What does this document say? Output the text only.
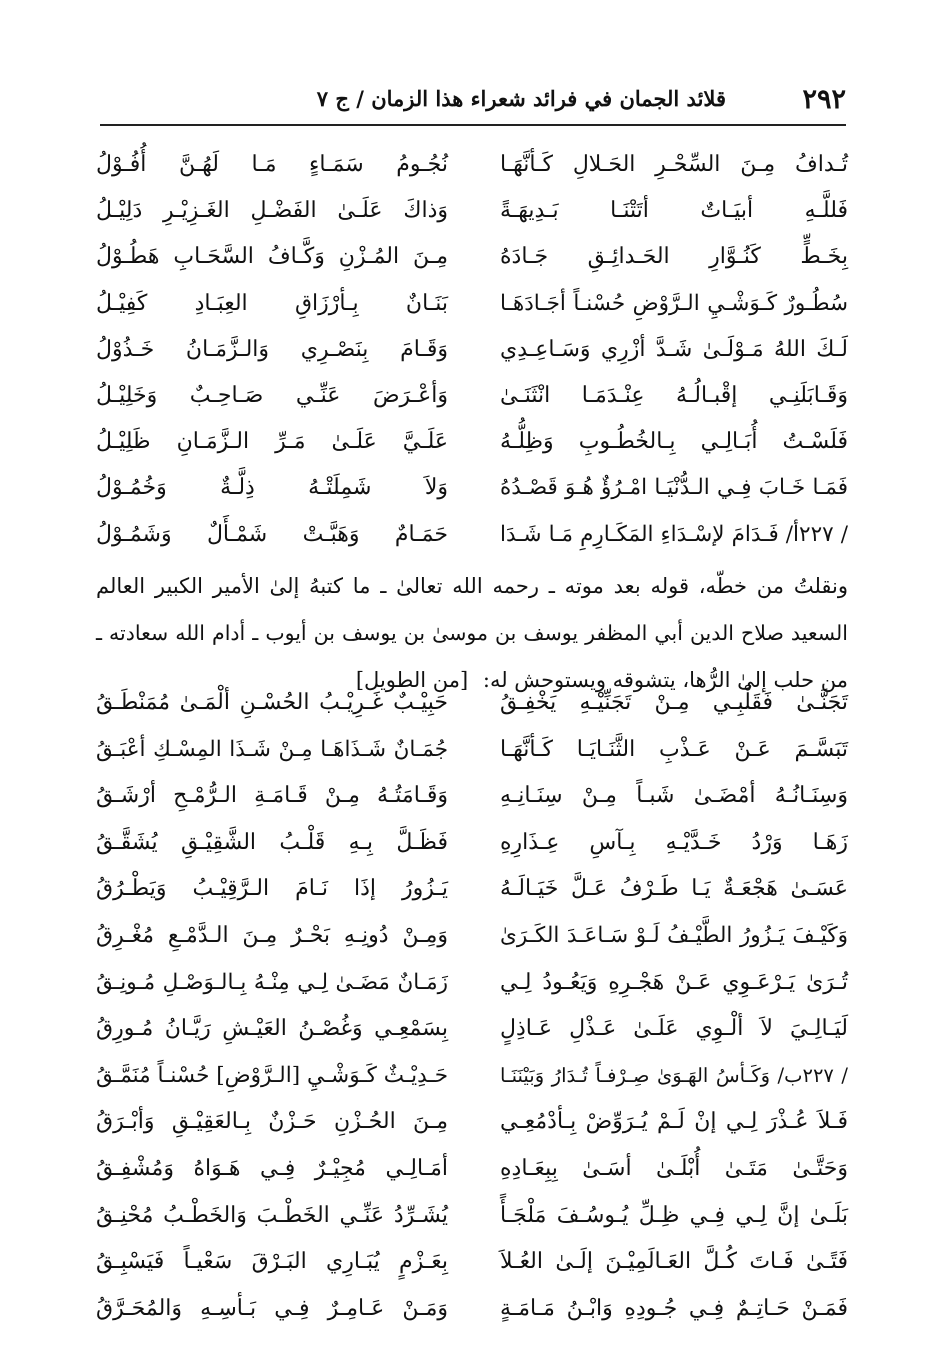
٢٩٢
قلائد الجمان في فرائد شعراء هذا الزمان / ج ٧
تُـدافُ مِـنَ السِّحْـرِ الحَـلالِ كَـأنَّهَـا
نُجُـومُ سَمَـاءٍ مَـا لَهُـنَّ أُفُـوْلُ
فَللَّـهِ أبيَـاتٌ أتَتْنَـا بَـدِيهَـةً
وَذاكَ عَلَـىٰ الفَضْـلِ الغَـزِيْـرِ دَلِيْـلُ
بِخَـطٍّ كَنُـوَّارِ الحَـدائِـقِ جَـادَهُ
مِـنَ المُـزْنِ وَكَّـافُ السَّحَـابِ هَطُـوْلُ
سُطُـورٌ كَـوَشْـيِ الـرَّوْضِ حُسْنـاً أجَـادَهَـا
بَنَـانٌ بِـأرْزَاقِ العِبَـادِ كَفِيْـلُ
لَـكَ اللهُ مَـوْلَـىٰ شَـدَّ أزْرِي وَسَـاعِـدِي
وَقَـامَ بِنَصْـرِي وَالـزَّمَـانُ خَـذُوْلُ
وَقَـابَلَنِـي إقْبـالُـهُ عِنْـدَمَـا انْثَنَـىٰ
وَأعْـرَضَ عَنِّـي صَـاحِـبٌ وَخَلِيْـلُ
فَلَسْـتُ أُبَـالِـي بِـالخُطُـوبِ وَظِلُّـهُ
عَلَـيَّ عَلَـىٰ مَـرِّ الـزَّمَـانِ ظَلِيْـلُ
فَمَـا خَـابَ فِـي الـدُّنْيَـا امْـرُؤٌ هُـوَ قَصْـدُهُ
وَلاَ شَمِلَتْـهُ ذِلَّـةٌ وَخُمُـوْلُ
/ ٢٢٧أ/ فَـدَامَ لإسْـدَاءِ المَكَـارِمِ مَـا شَـدَا
حَمَـامٌ وَهَبَّـتْ شَمْـأَلٌ وَشَمُـوْلُ
ونقلتُ من خطّه، قوله بعد موته ـ رحمه الله تعالىٰ ـ ما كتبهُ إلىٰ الأمير الكبير العالم
السعيد صلاح الدين أبي المظفر يوسف بن موسىٰ بن يوسف بن أيوب ـ أدام الله سعادته ـ
من حلب إلىٰ الرُّها، يتشوقه ويستوحش له: [من الطويل]
تَجَنَّـىٰ فَقَلْبِـي مِـنْ تَجَنِّيْـهِ يَخْفِـقُ
حَبِيْـبٌ غَـرِيْـبُ الحُسْـنِ ألْمَـىٰ مُمَنْطَـقُ
تَبَسَّـمَ عَـنْ عَـذْبِ الثَّنَـايَـا كَـأنَّهَـا
جُمَـانٌ شَـذَاهَـا مِـنْ شَـذَا المِسْـكِ أعْبَـقُ
وَسِنَـانُـهُ أمْضَـىٰ شَبـاً مِـنْ سِنَـانِـهِ
وَقَـامَتُـهُ مِـنْ قَـامَـةِ الـرُّمْـحِ أرْشَـقُ
زَهَـا وَرْدُ خَـدَّيْـهِ بِـآسِ عِـذَارِهِ
فَظَـلَّ بِـهِ قَلْـبُ الشَّقِيْـقِ يُشَقَّـقُ
عَسَـىٰ هَجْعَـةٌ يَـا طَـرْفُ عَـلَّ خَيَـالَـهُ
يَـزُورُ إذَا نَـامَ الـرَّقِيْـبُ وَيَطْـرُقُ
وَكَيْـفَ يَـزُورُ الطَّيْـفُ لَـوْ سَـاعَـدَ الكَـرَىٰ
وَمِـنْ دُونِـهِ بَحْـرٌ مِـنَ الـدَّمْـعِ مُغْـرِقُ
تُـرَىٰ يَـرْعَـوِي عَـنْ هَجْـرِهِ وَيَعُـودُ لِـي
زَمَـانٌ مَضَـىٰ لِـي مِنْـهُ بِـالـوَصْـلِ مُـونِـقُ
لَيَـالِـيَ لاَ ألْـوِي عَلَـىٰ عَـذْلِ عَـاذِلٍ
بِسَمْعِـي وَغُصْـنُ العَيْـشِ رَيَّـانُ مُـورِقُ
/ ٢٢٧ب/ وَكَـأسُ الهَـوَىٰ صِـرْفـاً تُـدَارُ وَبَيْنَنَـا
حَـدِيْـثٌ كَـوَشْـيِ [الـرَّوْضِ] حُسْنـاً مُنَمَّـقُ
فَـلاَ عُـذْرَ لِـي إنْ لَـمْ يُـرَوِّضْ بِـأدْمُعِـي
مِـنَ الحُـزْنِ حَـزْنٌ بِـالعَقِيْـقِ وَأبْـرَقُ
وَحَتَّـىٰ مَتَـىٰ أُبْلَـىٰ أسَـىٰ بِبِعَـادِهِ
أمَـالِـي مُجِيْـرٌ فِـي هَـوَاهُ وَمُشْفِـقُ
بَلَـىٰ إنَّ لِـي فِـي ظِـلِّ يُـوسُـفَ مَلْجَـأً
يُشَـرِّدُ عَنِّـي الخَطْـبَ وَالخَطْـبُ مُحْنِـقُ
فَتًـىٰ فَـاتَ كُـلَّ العَـالَمِيْـنَ إلَـىٰ العُـلاَ
بِعَـزْمٍ يُبَـارِي البَـرْقَ سَعْيـاً فَيَسْبِـقُ
فَمَـنْ حَـاتِـمٌ فِـي جُـودِهِ وَابْـنُ مَـامَـةٍ
وَمَـنْ عَـامِـرٌ فِـي بَـأسِـهِ وَالمُحَـرَّقُ
